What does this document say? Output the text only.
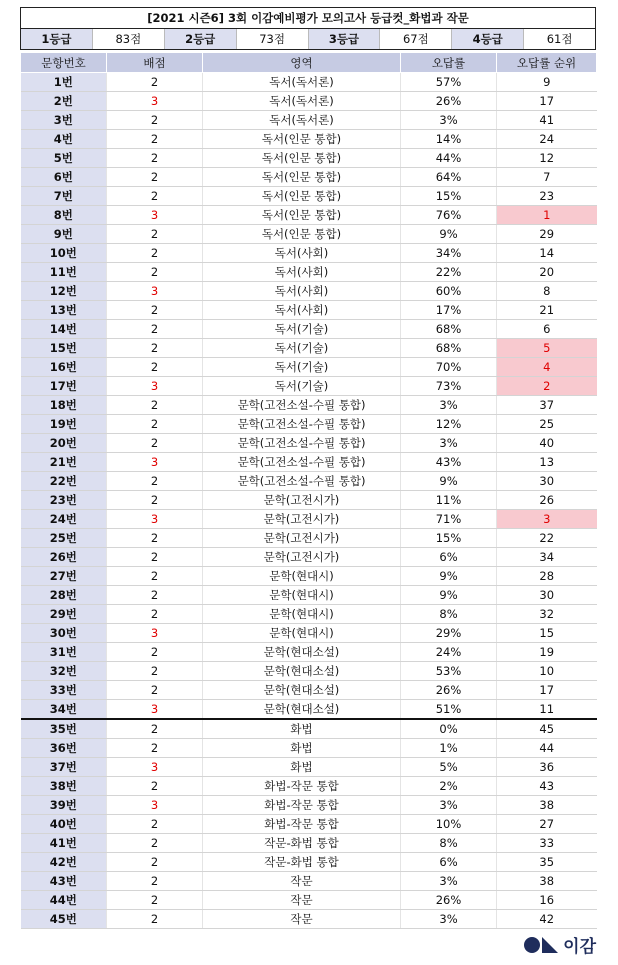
[2021 시즌6] 3회 이감예비평가 모의고사 등급컷_화법과 작문
1등급	83점	2등급	73점	3등급	67점	4등급	61점
문항번호	배점	영역	오답률	오답률 순위
1번	2	독서(독서론)	57%	9
2번	3	독서(독서론)	26%	17
3번	2	독서(독서론)	3%	41
4번	2	독서(인문 통합)	14%	24
5번	2	독서(인문 통합)	44%	12
6번	2	독서(인문 통합)	64%	7
7번	2	독서(인문 통합)	15%	23
8번	3	독서(인문 통합)	76%	1
9번	2	독서(인문 통합)	9%	29
10번	2	독서(사회)	34%	14
11번	2	독서(사회)	22%	20
12번	3	독서(사회)	60%	8
13번	2	독서(사회)	17%	21
14번	2	독서(기술)	68%	6
15번	2	독서(기술)	68%	5
16번	2	독서(기술)	70%	4
17번	3	독서(기술)	73%	2
18번	2	문학(고전소설-수필 통합)	3%	37
19번	2	문학(고전소설-수필 통합)	12%	25
20번	2	문학(고전소설-수필 통합)	3%	40
21번	3	문학(고전소설-수필 통합)	43%	13
22번	2	문학(고전소설-수필 통합)	9%	30
23번	2	문학(고전시가)	11%	26
24번	3	문학(고전시가)	71%	3
25번	2	문학(고전시가)	15%	22
26번	2	문학(고전시가)	6%	34
27번	2	문학(현대시)	9%	28
28번	2	문학(현대시)	9%	30
29번	2	문학(현대시)	8%	32
30번	3	문학(현대시)	29%	15
31번	2	문학(현대소설)	24%	19
32번	2	문학(현대소설)	53%	10
33번	2	문학(현대소설)	26%	17
34번	3	문학(현대소설)	51%	11
35번	2	화법	0%	45
36번	2	화법	1%	44
37번	3	화법	5%	36
38번	2	화법-작문 통합	2%	43
39번	3	화법-작문 통합	3%	38
40번	2	화법-작문 통합	10%	27
41번	2	작문-화법 통합	8%	33
42번	2	작문-화법 통합	6%	35
43번	2	작문	3%	38
44번	2	작문	26%	16
45번	2	작문	3%	42
이감
